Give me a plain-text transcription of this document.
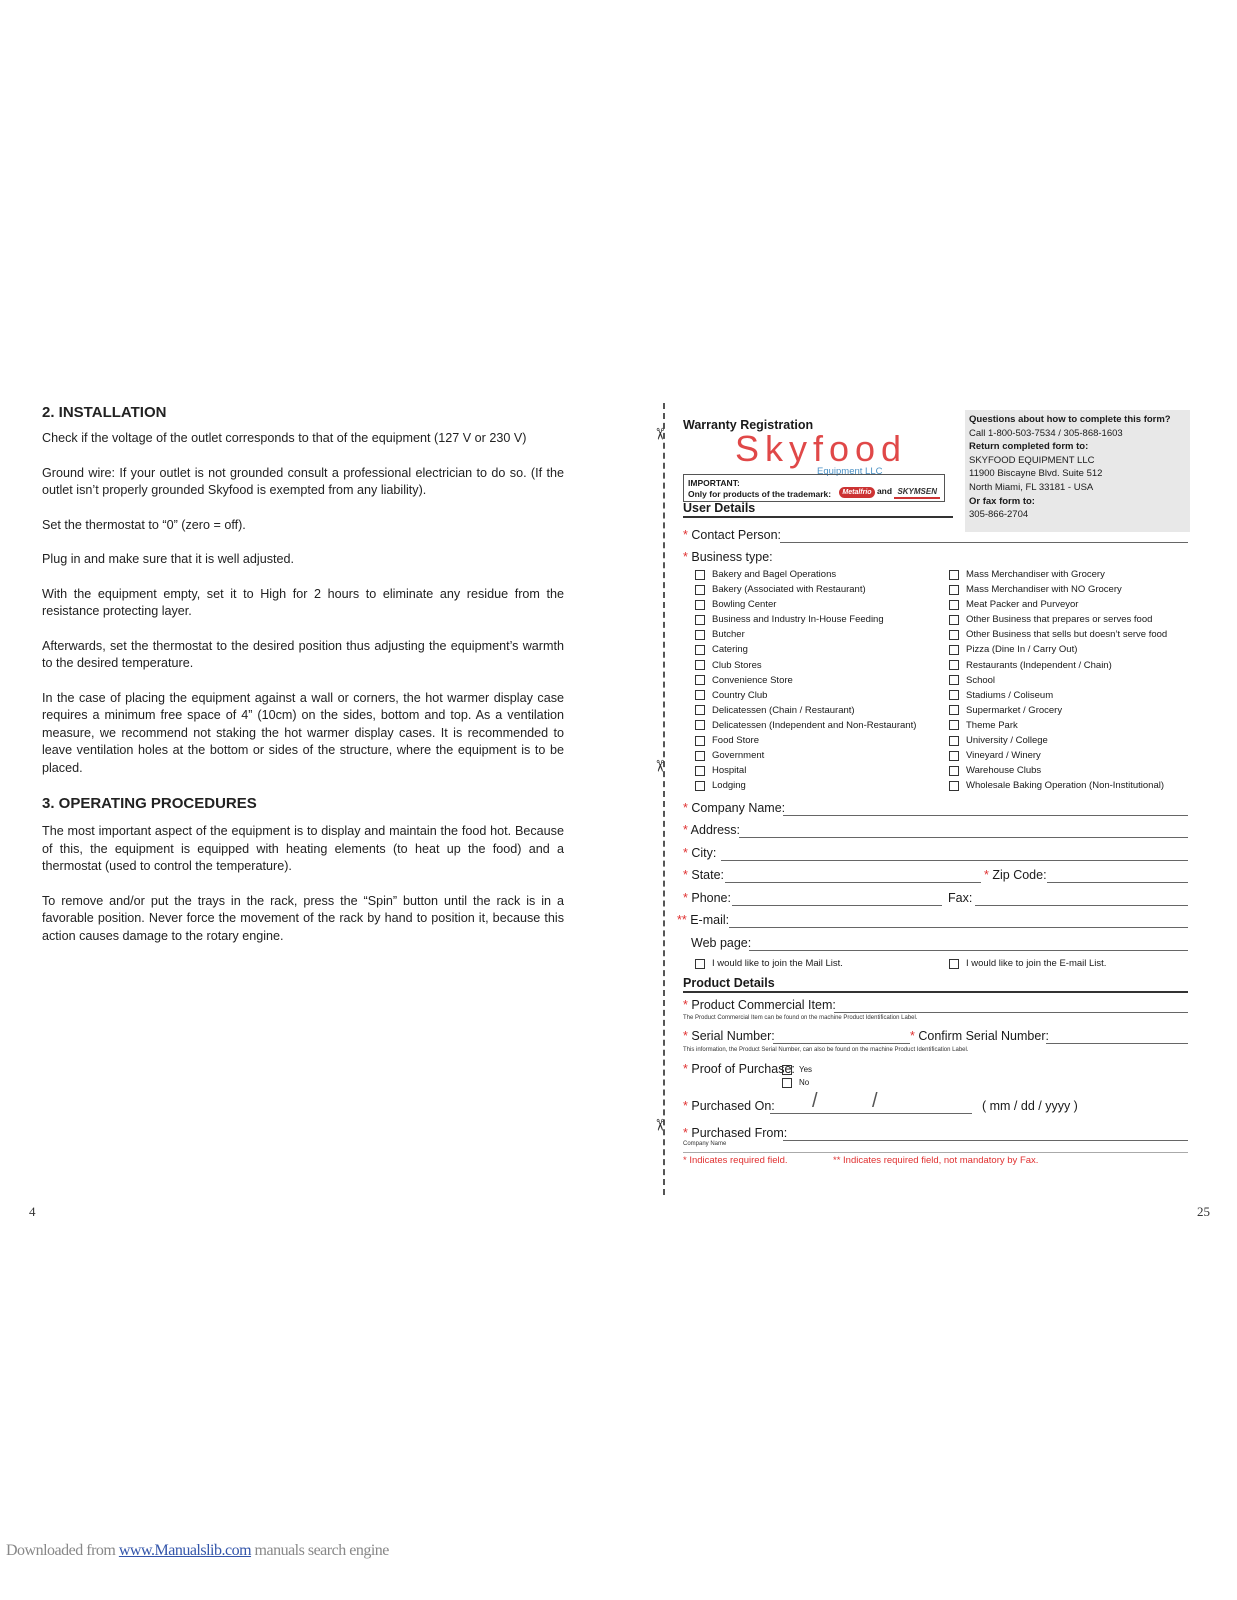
2. INSTALLATION

Check if the voltage of the outlet corresponds to that of the equipment (127 V or 230 V)

Ground wire: If your outlet is not grounded consult a professional electrician to do so. (If the outlet isn’t properly grounded Skyfood is exempted from any liability).

Set the thermostat to “0” (zero = off).

Plug in and make sure that it is well adjusted.

With the equipment empty, set it to High for 2 hours to eliminate any residue from the resistance protecting layer.

Afterwards, set the thermostat to the desired position thus adjusting the equipment’s warmth to the desired temperature.

In the case of placing the equipment against a wall or corners, the hot warmer display case requires a minimum free space of 4” (10cm) on the sides, bottom and top. As a ventilation measure, we recommend not staking the hot warmer display cases. It is recommended to leave ventilation holes at the bottom or sides of the structure, where the equipment is to be placed.

3. OPERATING PROCEDURES

The most important aspect of the equipment is to display and maintain the food hot. Because of this, the equipment is equipped with heating elements (to heat up the food) and a thermostat (used to control the temperature).

To remove and/or put the trays in the rack, press the “Spin” button until the rack is in a favorable position. Never force the movement of the rack by hand to position it, because this action causes damage to the rotary engine.

4	25
✂
✂
✂
Warranty Registration
Skyfood
Equipment LLC
IMPORTANT:
Only for products of the trademark:	Metalfrio and SKYMSEN
Questions about how to complete this form?
Call 1-800-503-7534 / 305-868-1603
Return completed form to:
SKYFOOD EQUIPMENT LLC
11900 Biscayne Blvd. Suite 512
North Miami, FL 33181 - USA
Or fax form to:
305-866-2704
User Details
* Contact Person:
* Business type:
Bakery and Bagel Operations
Bakery (Associated with Restaurant)
Bowling Center
Business and Industry In-House Feeding
Butcher
Catering
Club Stores
Convenience Store
Country Club
Delicatessen (Chain / Restaurant)
Delicatessen (Independent and Non-Restaurant)
Food Store
Government
Hospital
Lodging
Mass Merchandiser with Grocery
Mass Merchandiser with NO Grocery
Meat Packer and Purveyor
Other Business that prepares or serves food
Other Business that sells but doesn’t serve food
Pizza (Dine In / Carry Out)
Restaurants (Independent / Chain)
School
Stadiums / Coliseum
Supermarket / Grocery
Theme Park
University / College
Vineyard / Winery
Warehouse Clubs
Wholesale Baking Operation (Non-Institutional)
* Company Name:
* Address:
* City:
* State:	* Zip Code:
* Phone:	Fax:
** E-mail:
Web page:
I would like to join the Mail List.	I would like to join the E-mail List.
Product Details
* Product Commercial Item:
The Product Commercial Item can be found on the machine Product Identification Label.
* Serial Number:	* Confirm Serial Number:
This information, the Product Serial Number, can also be found on the machine Product Identification Label.
* Proof of Purchase: Yes
No
* Purchased On: /	/	( mm / dd / yyyy )
* Purchased From:
Company Name
* Indicates required field.	** Indicates required field, not mandatory by Fax.
Downloaded from www.Manualslib.com manuals search engine
